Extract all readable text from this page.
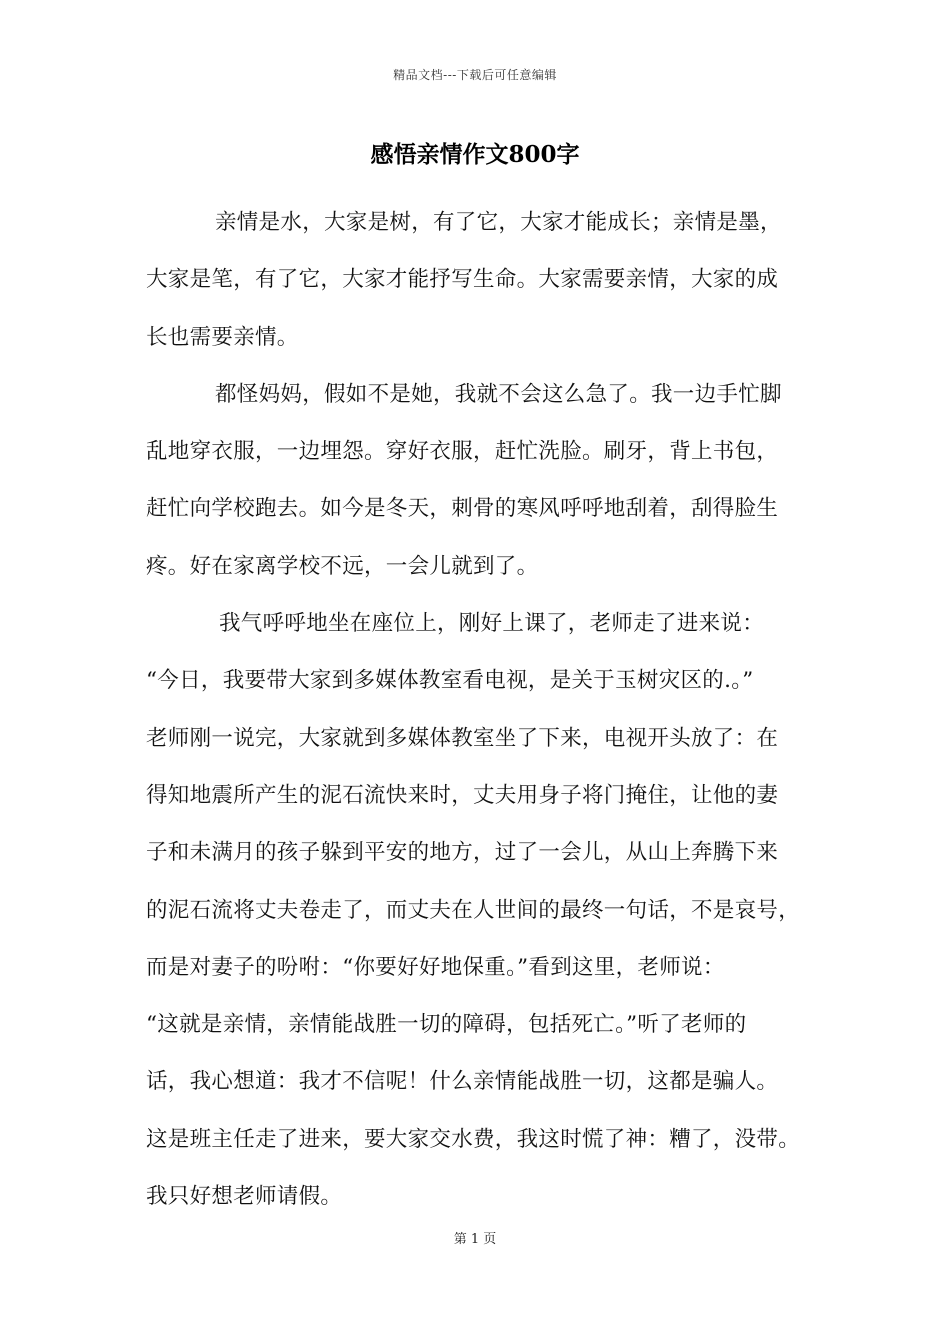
精品文档---下载后可任意编辑
感悟亲情作文800字
亲情是水，大家是树，有了它，大家才能成长；亲情是墨，
大家是笔，有了它，大家才能抒写生命。大家需要亲情，大家的成
长也需要亲情。
都怪妈妈，假如不是她，我就不会这么急了。我一边手忙脚
乱地穿衣服，一边埋怨。穿好衣服，赶忙洗脸。刷牙，背上书包，
赶忙向学校跑去。如今是冬天，刺骨的寒风呼呼地刮着，刮得脸生
疼。好在家离学校不远，一会儿就到了。
我气呼呼地坐在座位上，刚好上课了，老师走了进来说：
“今日，我要带大家到多媒体教室看电视，是关于玉树灾区的.。”
老师刚一说完，大家就到多媒体教室坐了下来，电视开头放了：在
得知地震所产生的泥石流快来时，丈夫用身子将门掩住，让他的妻
子和未满月的孩子躲到平安的地方，过了一会儿，从山上奔腾下来
的泥石流将丈夫卷走了，而丈夫在人世间的最终一句话，不是哀号，
而是对妻子的吩咐：“你要好好地保重。”看到这里，老师说：
“这就是亲情，亲情能战胜一切的障碍，包括死亡。”听了老师的
话，我心想道：我才不信呢！什么亲情能战胜一切，这都是骗人。
这是班主任走了进来，要大家交水费，我这时慌了神：糟了，没带。
我只好想老师请假。
第 1 页
